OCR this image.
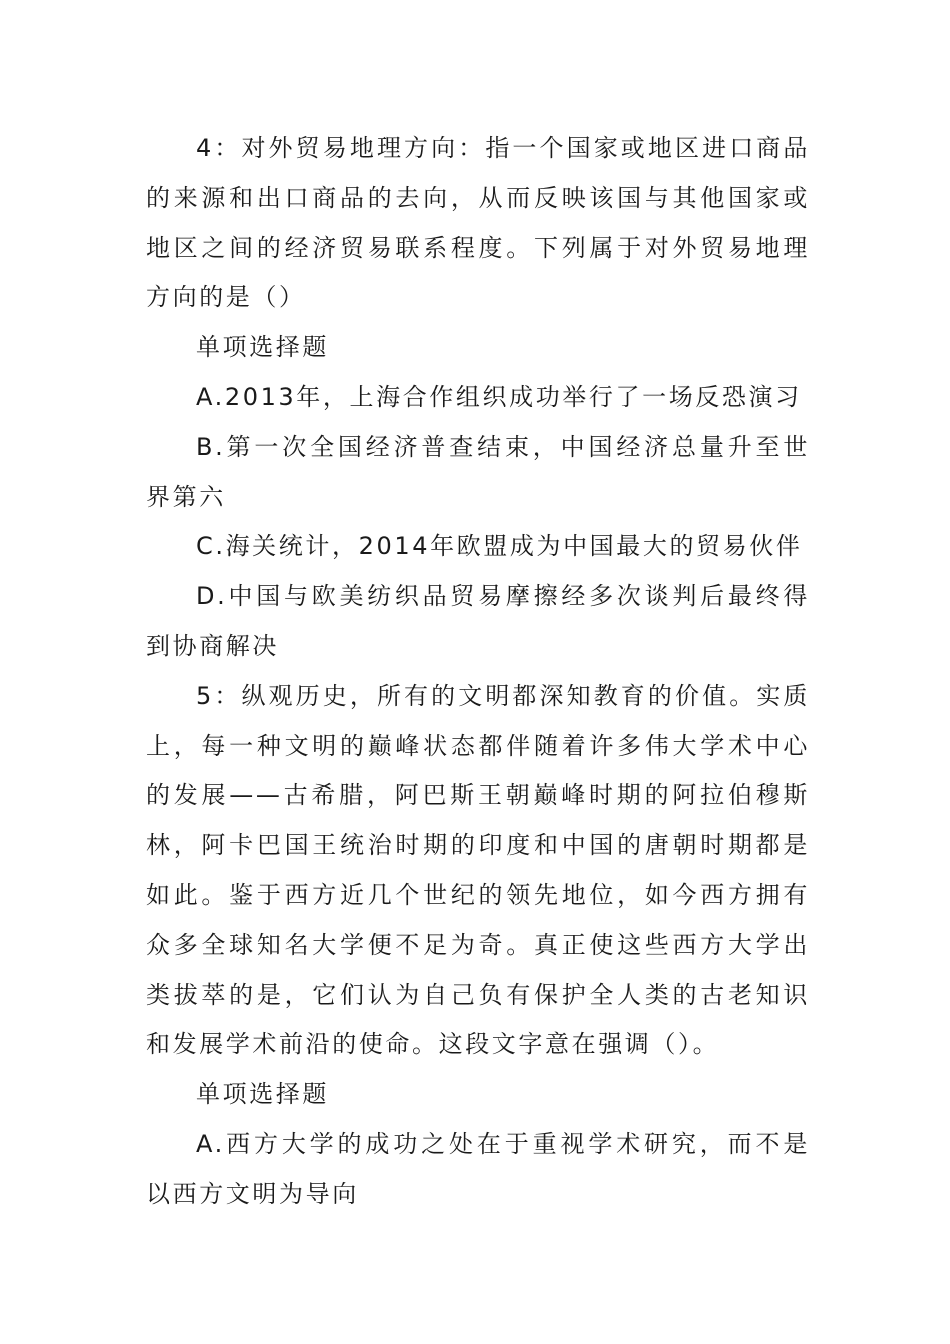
4：对外贸易地理方向：指一个国家或地区进口商品的来源和出口商品的去向，从而反映该国与其他国家或地区之间的经济贸易联系程度。下列属于对外贸易地理方向的是（）

单项选择题

A.2013年，上海合作组织成功举行了一场反恐演习

B.第一次全国经济普查结束，中国经济总量升至世界第六

C.海关统计，2014年欧盟成为中国最大的贸易伙伴

D.中国与欧美纺织品贸易摩擦经多次谈判后最终得到协商解决

5：纵观历史，所有的文明都深知教育的价值。实质上，每一种文明的巅峰状态都伴随着许多伟大学术中心的发展——古希腊，阿巴斯王朝巅峰时期的阿拉伯穆斯林，阿卡巴国王统治时期的印度和中国的唐朝时期都是如此。鉴于西方近几个世纪的领先地位，如今西方拥有众多全球知名大学便不足为奇。真正使这些西方大学出类拔萃的是，它们认为自己负有保护全人类的古老知识和发展学术前沿的使命。这段文字意在强调（）。

单项选择题

A.西方大学的成功之处在于重视学术研究，而不是以西方文明为导向
